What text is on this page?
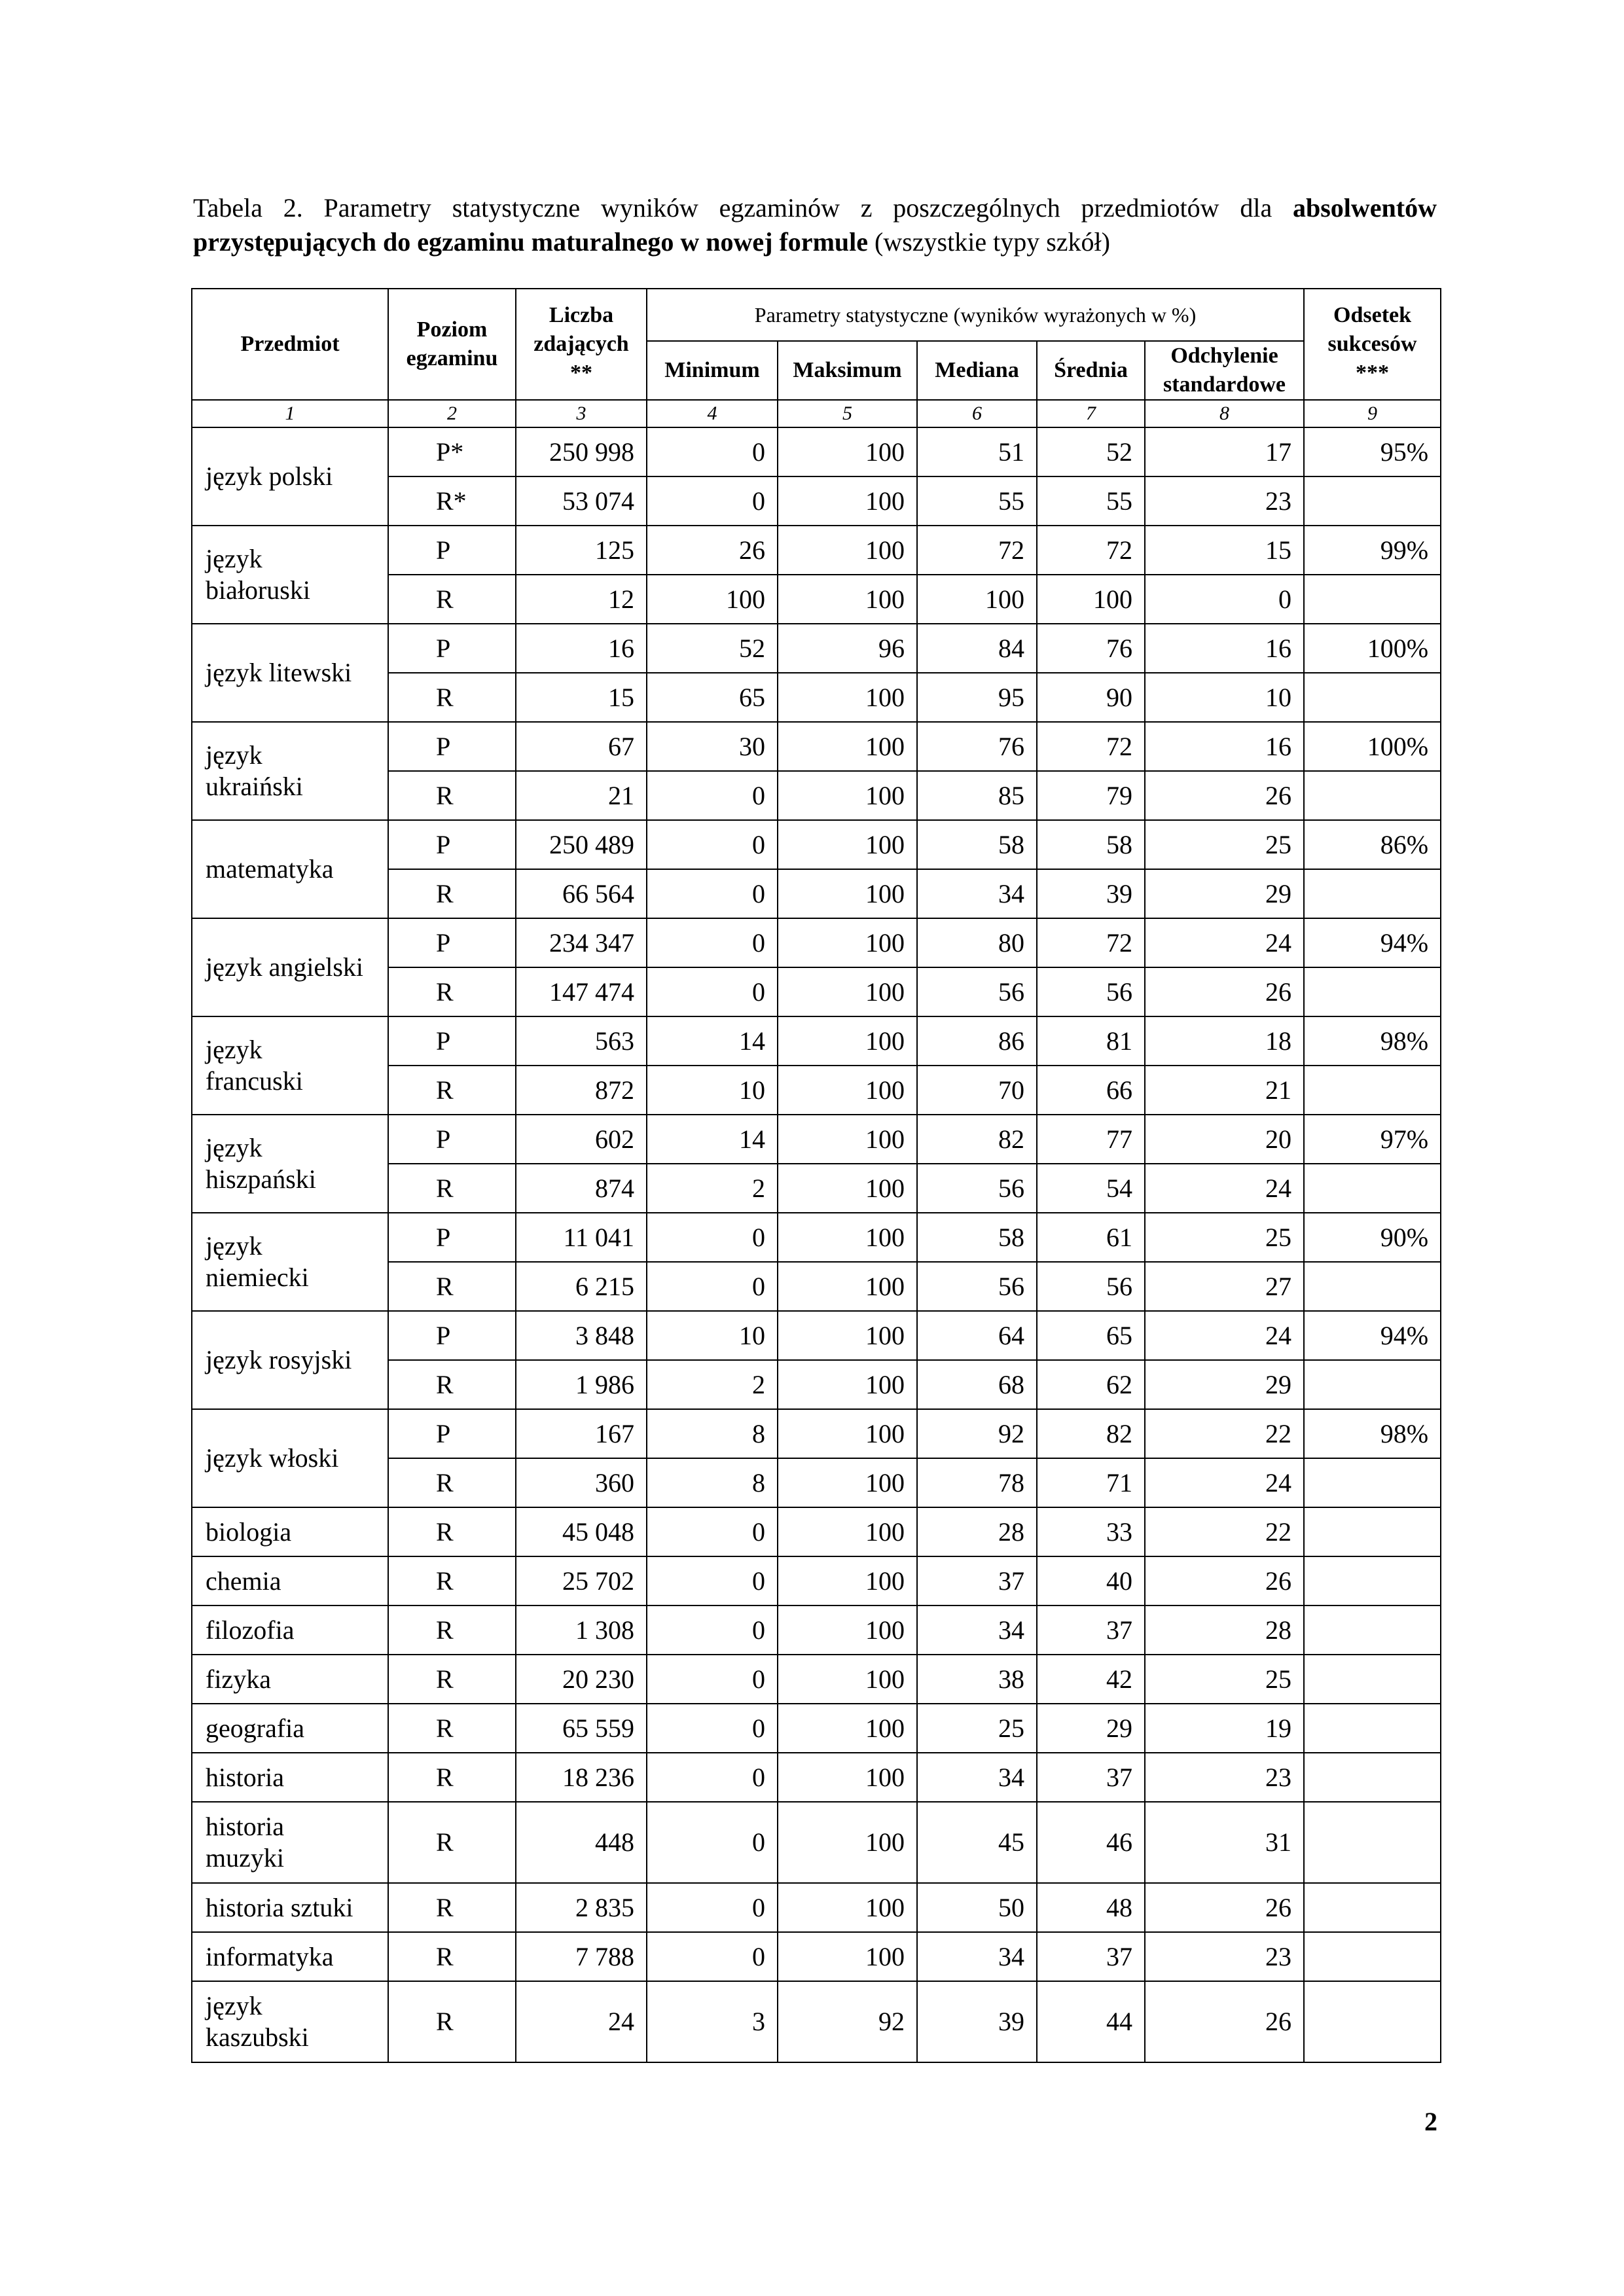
Tabela 2. Parametry statystyczne wyników egzaminów z poszczególnych przedmiotów dla absolwentów przystępujących do egzaminu maturalnego w nowej formule (wszystkie typy szkół)
Przedmiot	Poziom egzaminu	Liczba zdających **	Parametry statystyczne (wyników wyrażonych w %)					Odsetek sukcesów ***
			Minimum	Maksimum	Mediana	Średnia	Odchylenie standardowe	
1	2	3	4	5	6	7	8	9
język polski	P*	250 998	0	100	51	52	17	95%
	R*	53 074	0	100	55	55	23	
język białoruski	P	125	26	100	72	72	15	99%
	R	12	100	100	100	100	0	
język litewski	P	16	52	96	84	76	16	100%
	R	15	65	100	95	90	10	
język ukraiński	P	67	30	100	76	72	16	100%
	R	21	0	100	85	79	26	
matematyka	P	250 489	0	100	58	58	25	86%
	R	66 564	0	100	34	39	29	
język angielski	P	234 347	0	100	80	72	24	94%
	R	147 474	0	100	56	56	26	
język francuski	P	563	14	100	86	81	18	98%
	R	872	10	100	70	66	21	
język hiszpański	P	602	14	100	82	77	20	97%
	R	874	2	100	56	54	24	
język niemiecki	P	11 041	0	100	58	61	25	90%
	R	6 215	0	100	56	56	27	
język rosyjski	P	3 848	10	100	64	65	24	94%
	R	1 986	2	100	68	62	29	
język włoski	P	167	8	100	92	82	22	98%
	R	360	8	100	78	71	24	
biologia	R	45 048	0	100	28	33	22	
chemia	R	25 702	0	100	37	40	26	
filozofia	R	1 308	0	100	34	37	28	
fizyka	R	20 230	0	100	38	42	25	
geografia	R	65 559	0	100	25	29	19	
historia	R	18 236	0	100	34	37	23	
historia muzyki	R	448	0	100	45	46	31	
historia sztuki	R	2 835	0	100	50	48	26	
informatyka	R	7 788	0	100	34	37	23	
język kaszubski	R	24	3	92	39	44	26	
2
